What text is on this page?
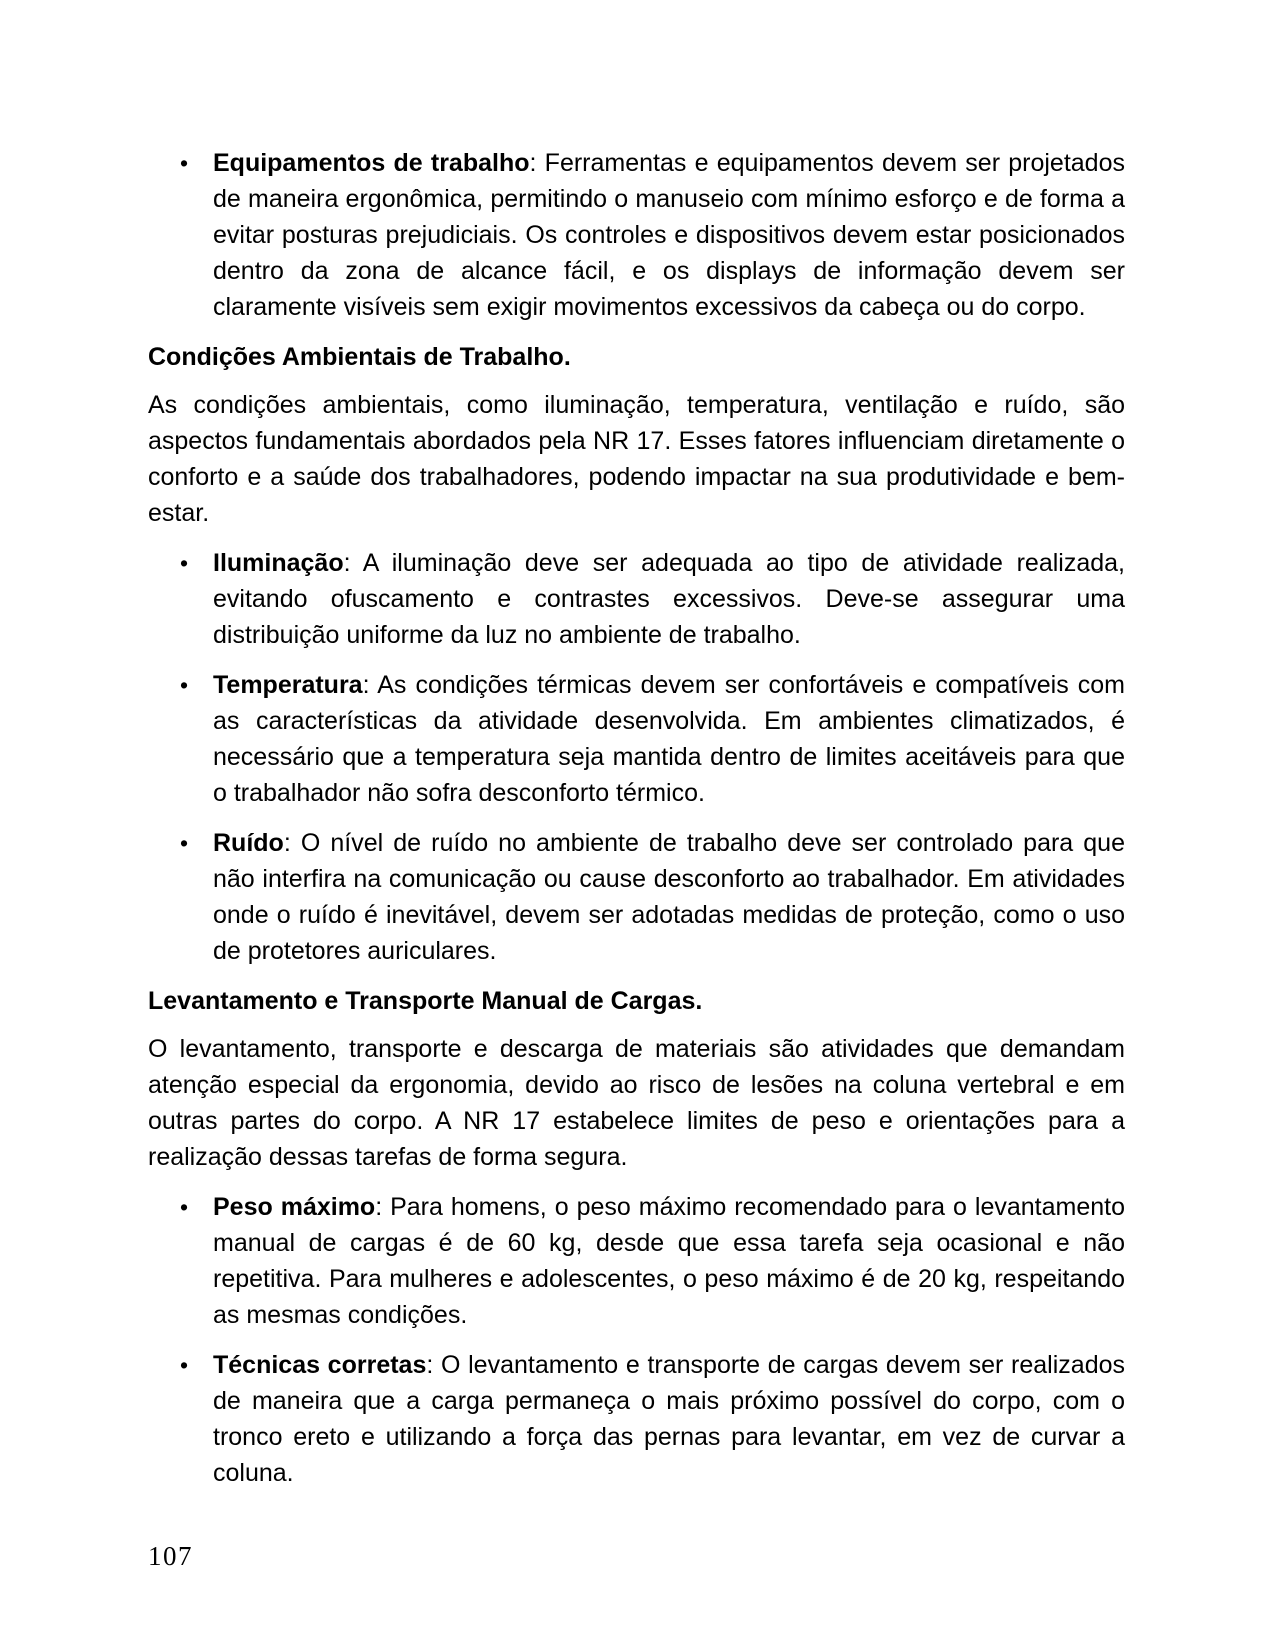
• Equipamentos de trabalho: Ferramentas e equipamentos devem ser projetados de maneira ergonômica, permitindo o manuseio com mínimo esforço e de forma a evitar posturas prejudiciais. Os controles e dispositivos devem estar posicionados dentro da zona de alcance fácil, e os displays de informação devem ser claramente visíveis sem exigir movimentos excessivos da cabeça ou do corpo.
Condições Ambientais de Trabalho.

As condições ambientais, como iluminação, temperatura, ventilação e ruído, são aspectos fundamentais abordados pela NR 17. Esses fatores influenciam diretamente o conforto e a saúde dos trabalhadores, podendo impactar na sua produtividade e bem-estar.

• Iluminação: A iluminação deve ser adequada ao tipo de atividade realizada, evitando ofuscamento e contrastes excessivos. Deve-se assegurar uma distribuição uniforme da luz no ambiente de trabalho.
• Temperatura: As condições térmicas devem ser confortáveis e compatíveis com as características da atividade desenvolvida. Em ambientes climatizados, é necessário que a temperatura seja mantida dentro de limites aceitáveis para que o trabalhador não sofra desconforto térmico.
• Ruído: O nível de ruído no ambiente de trabalho deve ser controlado para que não interfira na comunicação ou cause desconforto ao trabalhador. Em atividades onde o ruído é inevitável, devem ser adotadas medidas de proteção, como o uso de protetores auriculares.
Levantamento e Transporte Manual de Cargas.

O levantamento, transporte e descarga de materiais são atividades que demandam atenção especial da ergonomia, devido ao risco de lesões na coluna vertebral e em outras partes do corpo. A NR 17 estabelece limites de peso e orientações para a realização dessas tarefas de forma segura.

• Peso máximo: Para homens, o peso máximo recomendado para o levantamento manual de cargas é de 60 kg, desde que essa tarefa seja ocasional e não repetitiva. Para mulheres e adolescentes, o peso máximo é de 20 kg, respeitando as mesmas condições.
• Técnicas corretas: O levantamento e transporte de cargas devem ser realizados de maneira que a carga permaneça o mais próximo possível do corpo, com o tronco ereto e utilizando a força das pernas para levantar, em vez de curvar a coluna.
107
